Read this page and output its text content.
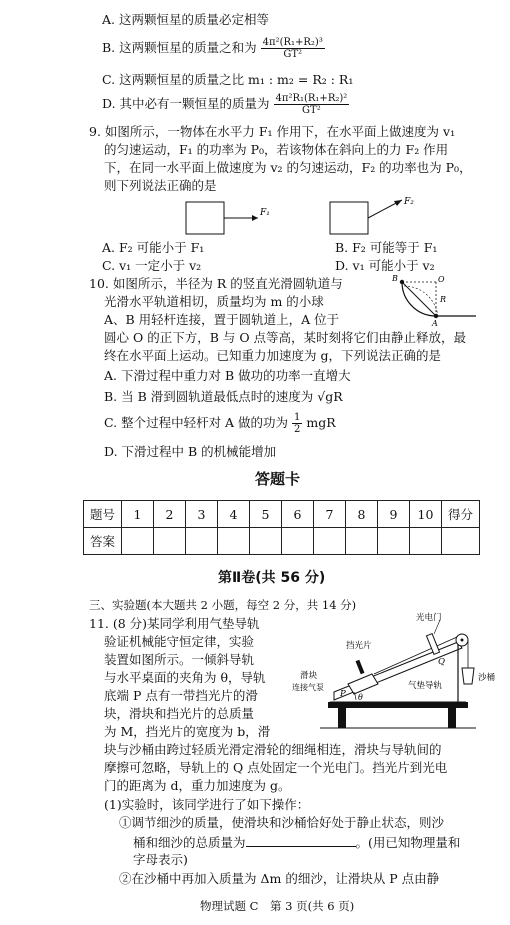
A. 这两颗恒星的质量必定相等
B. 这两颗恒星的质量之和为 $\frac{\text{4π²(R₁+R₂)³}}{\text{GT²}}$
C. 这两颗恒星的质量之比 m₁ : m₂ = R₂ : R₁
D. 其中必有一颗恒星的质量为 $\frac{\text{4π²R₁(R₁+R₂)²}}{\text{GT²}}$
9. 如图所示，一物体在水平力 F₁ 作用下，在水平面上做速度为 v₁
的匀速运动，F₁ 的功率为 P₀，若该物体在斜向上的力 F₂ 作用
下，在同一水平面上做速度为 v₂ 的匀速运动，F₂ 的功率也为 P₀，
则下列说法正确的是
F₁
F₂
A. F₂ 可能小于 F₁	B. F₂ 可能等于 F₁
C. v₁ 一定小于 v₂	D. v₁ 可能小于 v₂
10. 如图所示，半径为 R 的竖直光滑圆轨道与
光滑水平轨道相切，质量均为 m 的小球
A、B 用轻杆连接，置于圆轨道上，A 位于
圆心 O 的正下方，B 与 O 点等高，某时刻将它们由静止释放，最
终在水平面上运动。已知重力加速度为 g，下列说法正确的是
B	O
R
A
A. 下滑过程中重力对 B 做功的功率一直增大
B. 当 B 滑到圆轨道最低点时的速度为 √gR
C. 整个过程中轻杆对 A 做的功为 $\frac{1}{2}$ mgR
D. 下滑过程中 B 的机械能增加
答题卡
题号	1	2	3	4	5	6	7	8	9	10	得分
答案											
第Ⅱ卷(共 56 分)
三、实验题(本大题共 2 小题，每空 2 分，共 14 分)
11. (8 分)某同学利用气垫导轨
验证机械能守恒定律，实验
装置如图所示。一倾斜导轨
与水平桌面的夹角为 θ，导轨
底端 P 点有一带挡光片的滑
块，滑块和挡光片的总质量
为 M，挡光片的宽度为 b，滑
光电门
挡光片
滑块
连接气泵	气垫导轨
Q
P θ
沙桶
块与沙桶由跨过轻质光滑定滑轮的细绳相连，滑块与导轨间的
摩擦可忽略，导轨上的 Q 点处固定一个光电门。挡光片到光电
门的距离为 d，重力加速度为 g。
(1)实验时，该同学进行了如下操作：
①调节细沙的质量，使滑块和沙桶恰好处于静止状态，则沙
桶和细沙的总质量为	。(用已知物理量和
字母表示)
②在沙桶中再加入质量为 Δm 的细沙，让滑块从 P 点由静
物理试题 C　第 3 页(共 6 页)
